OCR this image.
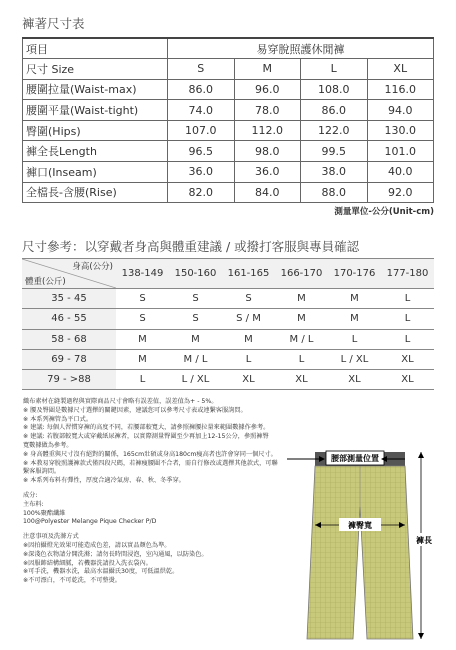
褲著尺寸表
項目	易穿脫照護休閒褲			
尺寸 Size	S	M	L	XL
腰圍拉量(Waist-max)	86.0	96.0	108.0	116.0
腰圍平量(Waist-tight)	74.0	78.0	86.0	94.0
臀圍(Hips)	107.0	112.0	122.0	130.0
褲全長Length	96.5	98.0	99.5	101.0
褲口(Inseam)	36.0	36.0	38.0	40.0
全檔長-含腰(Rise)	82.0	84.0	88.0	92.0
測量單位-公分(Unit-cm)
尺寸參考：以穿戴者身高與體重建議 / 或撥打客服與專員確認
身高(公分)
體重(公斤)	138-149	150-160	161-165	166-170	170-176	177-180
35 - 45	S	S	S	M	M	L
46 - 55	S	S	S / M	M	M	L
58 - 68	M	M	M	M / L	L	L
69 - 78	M	M / L	L	L	L / XL	XL
79 - >88	L	L / XL	XL	XL	XL	XL
織布素材在縫製過程與實際商品尺寸會略有誤差值，誤差值為+ - 5%。
※ 腰及臀圍是數據尺寸選擇的關鍵因素，建議您可以參考尺寸表或連繫客服詢問。
※ 本系列褲管為平口式。
※ 建議: 每個人習慣穿褲的高度不同，若腰部較寬大，請參照褲腰拉量來範圍數據作參考。
※ 建議: 若腹部較寬大或穿戴紙尿褲者，以實際測量臀圍至少再加上12-15公分，參照褲臀
寬數據做為參考。
※ 身高體重與尺寸沒有絕對的關係，165cm壯碩或身高180cm瘦高者也許會穿同一個尺寸。
※ 本教易穿脫照護褲款式僅四段尺碼，若褲瘦腰圍不合者，需自行修改或選擇其他款式，可聯
繫客服詢問。
※ 本系列布料有彈性，厚度合適冷氣房、春、秋、冬季穿。
成分:
主布料:
100%聚酯纖維
100@Polyester Melange Pique Checker P/D
注意事項及洗滌方式
※因拍攝燈光效果可能造成色差，請以實品顏色為準。
※深淺色衣物請分開洗滌；請勿長時間浸泡，室內通風，以防染色。
※因服飾結構細膩，若機器洗請投入洗衣袋內。
※可手洗，機器水洗，最高水溫攝氏30度，可低溫烘乾。
※不可漂白，不可乾洗，不可整燙。
腰部測量位置
褲臀寬
褲長
